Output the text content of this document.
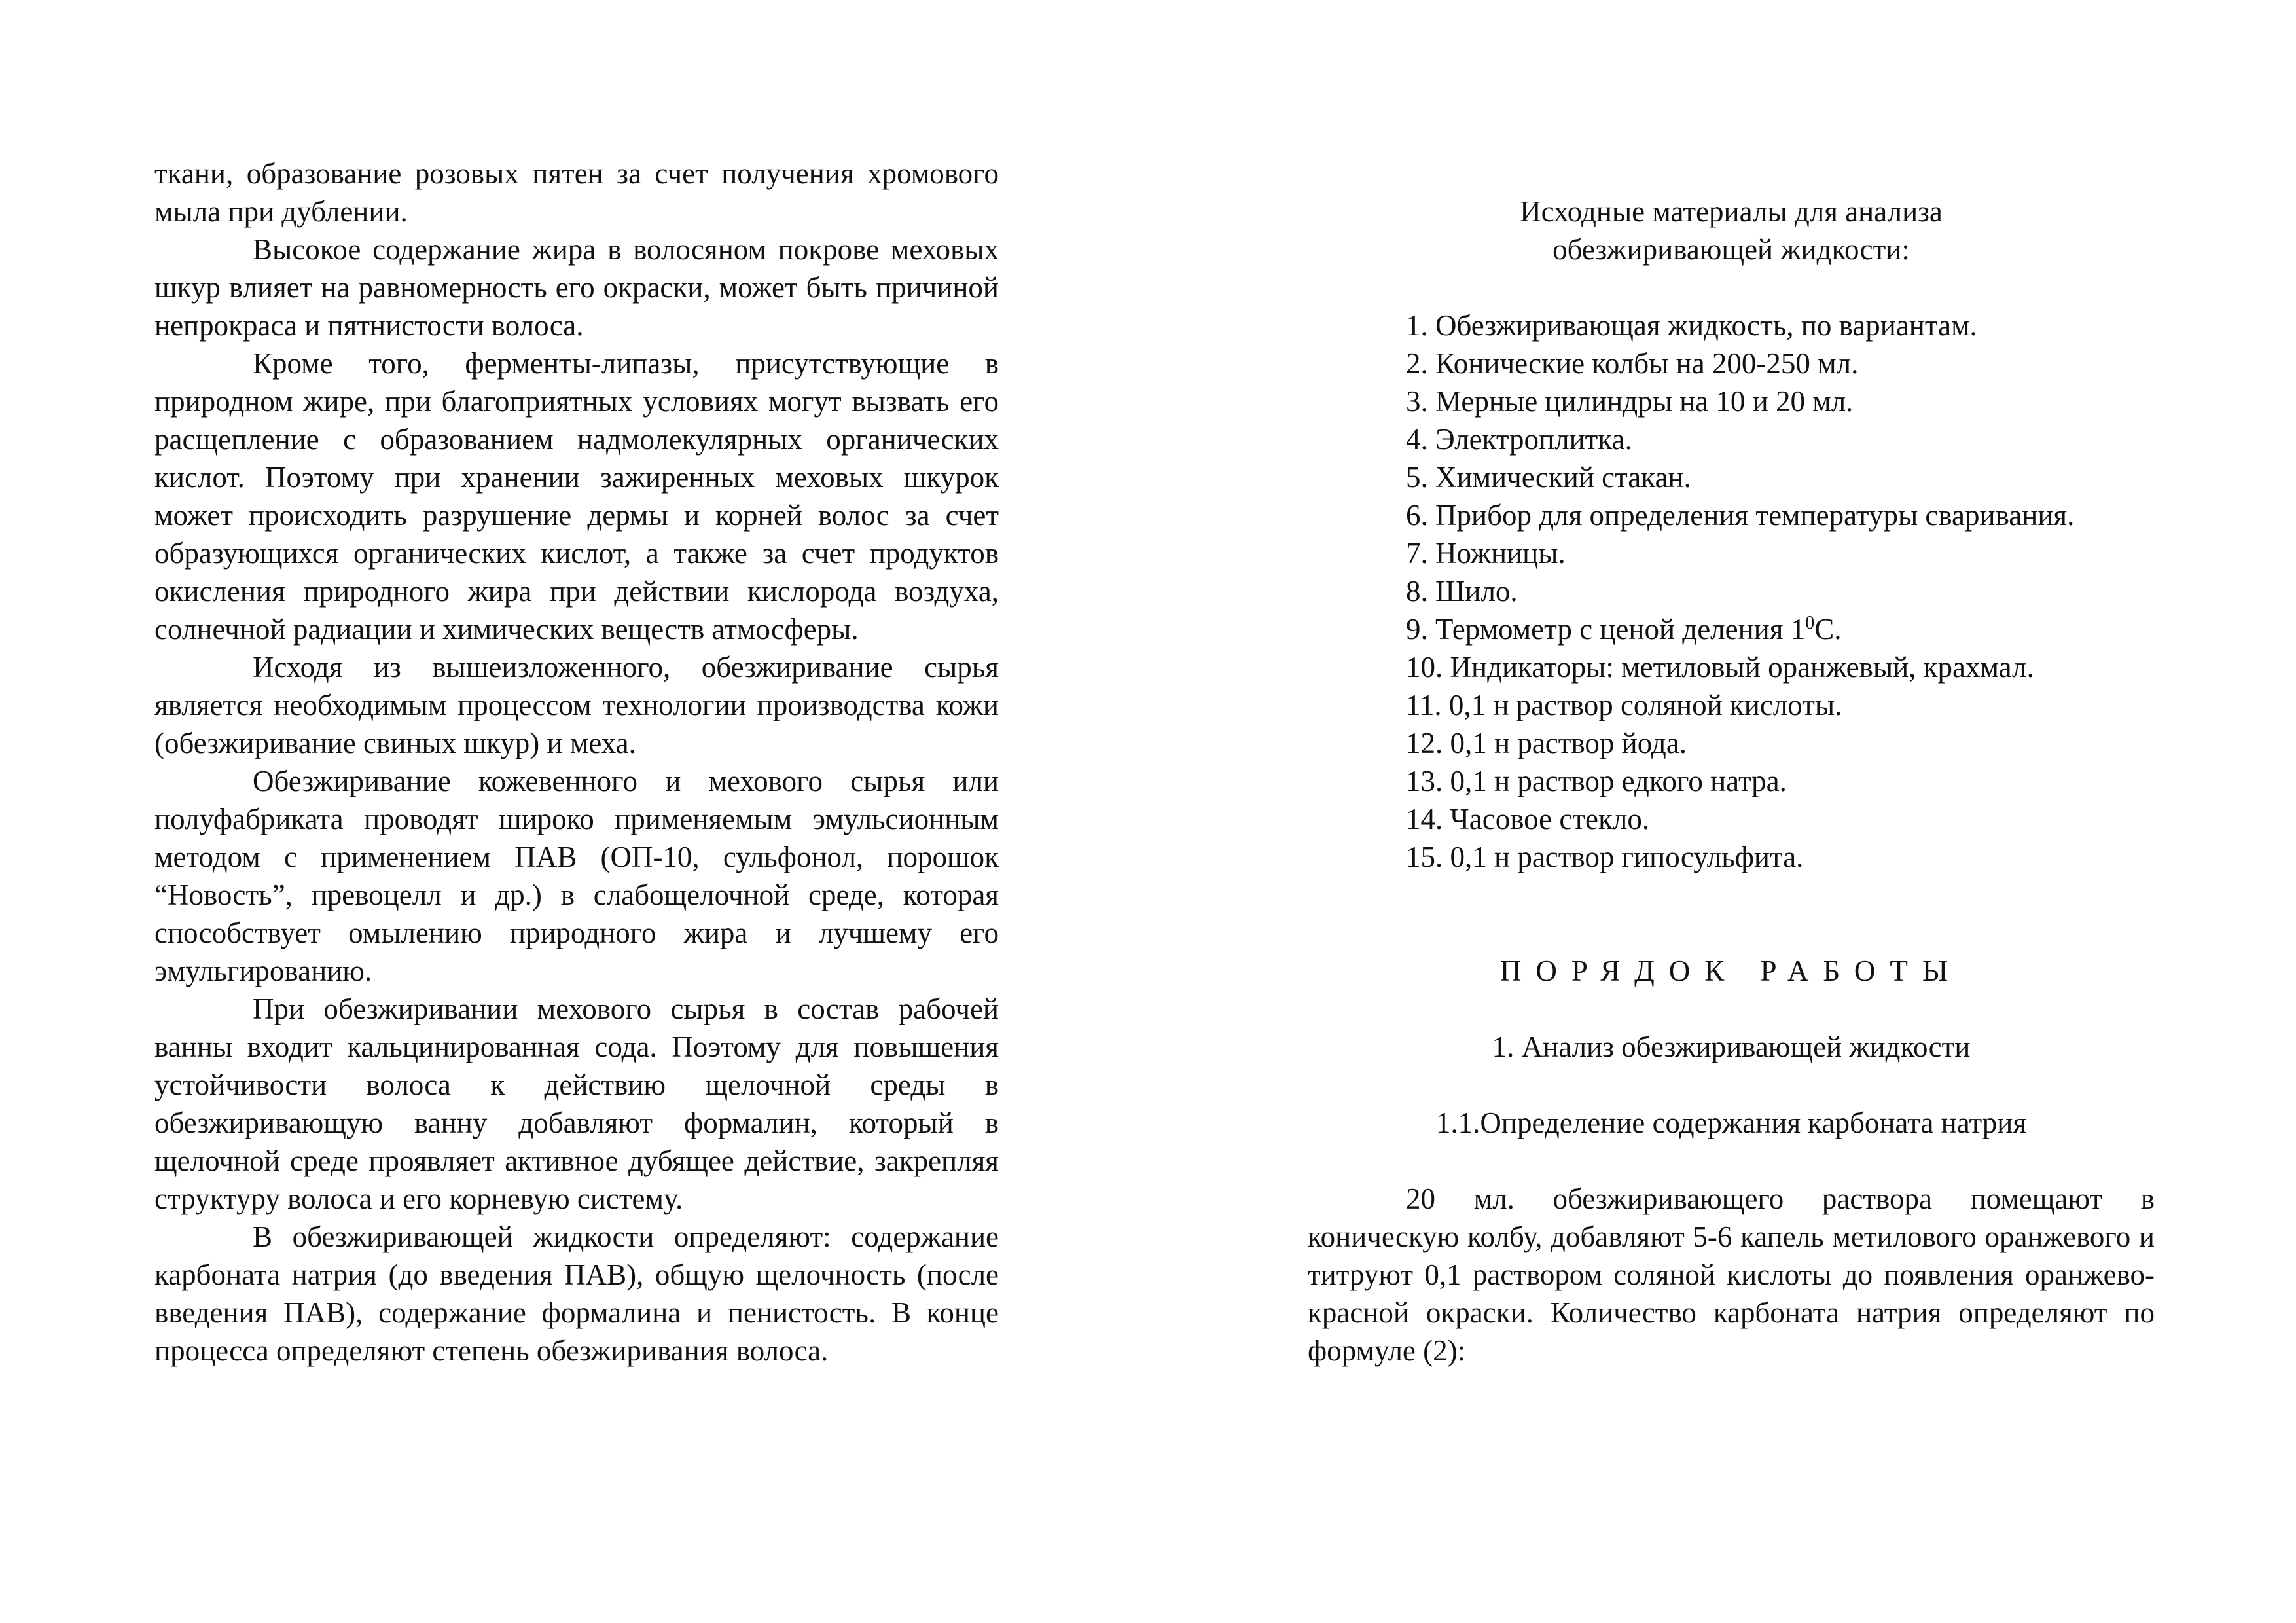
ткани, образование розовых пятен за счет получения хромового мыла при дублении.

Высокое содержание жира в волосяном покрове меховых шкур влияет на равномерность его окраски, может быть причиной непрокраса и пятнистости волоса.

Кроме того, ферменты-липазы, присутствующие в природном жире, при благоприятных условиях могут вызвать его расщепление с образованием надмолекулярных органических кислот. Поэтому при хранении зажиренных меховых шкурок может происходить разрушение дермы и корней волос за счет образующихся органических кислот, а также за счет продуктов окисления природного жира при действии кислорода воздуха, солнечной радиации и химических веществ атмосферы.

Исходя из вышеизложенного, обезжиривание сырья является необходимым процессом технологии производства кожи (обезжиривание свиных шкур) и меха.

Обезжиривание кожевенного и мехового сырья или полуфабриката проводят широко применяемым эмульсионным методом с применением ПАВ (ОП-10, сульфонол, порошок “Новость”, превоцелл и др.) в слабощелочной среде, которая способствует омылению природного жира и лучшему его эмульгированию.

При обезжиривании мехового сырья в состав рабочей ванны входит кальцинированная сода. Поэтому для повышения устойчивости волоса к действию щелочной среды в обезжиривающую ванну добавляют формалин, который в щелочной среде проявляет активное дубящее действие, закрепляя структуру волоса и его корневую систему.

В обезжиривающей жидкости определяют: содержание карбоната натрия (до введения ПАВ), общую щелочность (после введения ПАВ), содержание формалина и пенистость. В конце процесса определяют степень обезжиривания волоса.

Исходные материалы для анализа
обезжиривающей жидкости:
1. Обезжиривающая жидкость, по вариантам.
2. Конические колбы на 200-250 мл.
3. Мерные цилиндры на 10 и 20 мл.
4. Электроплитка.
5. Химический стакан.
6. Прибор для определения температуры сваривания.
7. Ножницы.
8. Шило.
9. Термометр с ценой деления $1^0С$.
10. Индикаторы: метиловый оранжевый, крахмал.
11. 0,1 н раствор соляной кислоты.
12. 0,1 н раствор йода.
13. 0,1 н раствор едкого натра.
14. Часовое стекло.
15. 0,1 н раствор гипосульфита.
ПОРЯДОК РАБОТЫ
1. Анализ обезжиривающей жидкости
1.1.Определение содержания карбоната натрия

20 мл. обезжиривающего раствора помещают в коническую колбу, добавляют 5-6 капель метилового оранжевого и титруют 0,1 раствором соляной кислоты до появления оранжево-красной окраски. Количество карбоната натрия определяют по формуле (2):
